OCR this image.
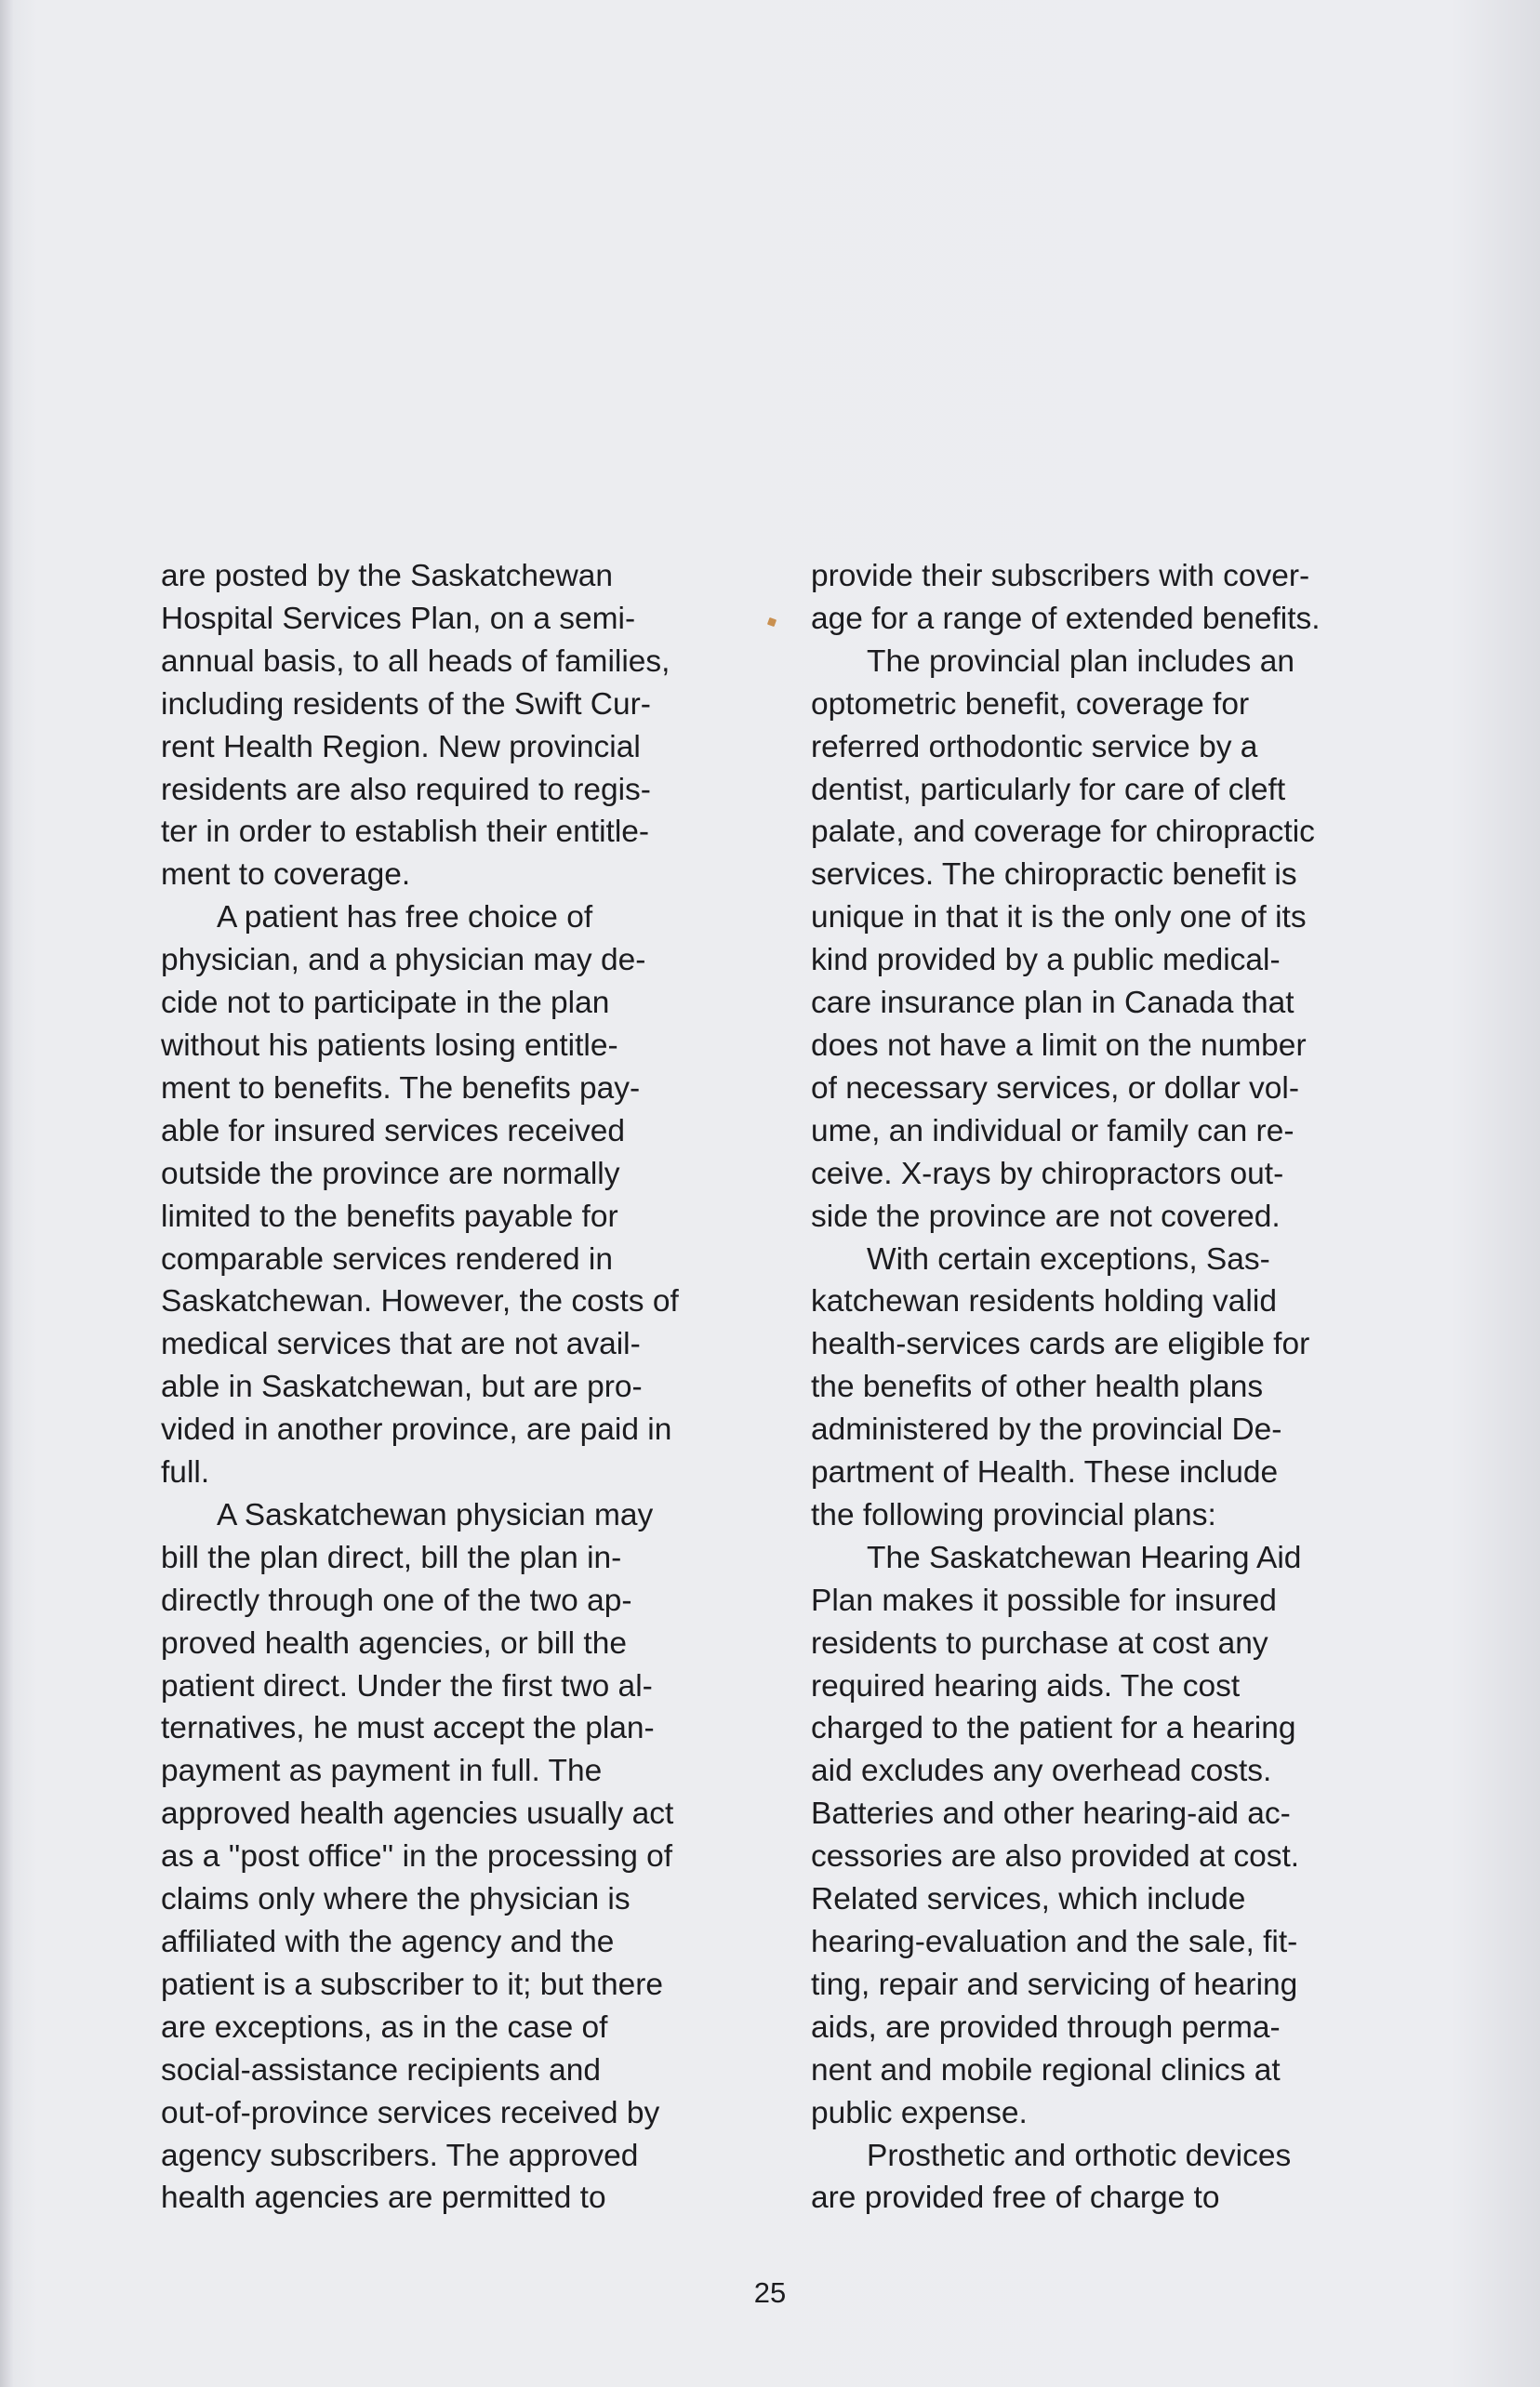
are posted by the Saskatchewan
Hospital Services Plan, on a semi-
annual basis, to all heads of families,
including residents of the Swift Cur-
rent Health Region. New provincial
residents are also required to regis-
ter in order to establish their entitle-
ment to coverage.

A patient has free choice of
physician, and a physician may de-
cide not to participate in the plan
without his patients losing entitle-
ment to benefits. The benefits pay-
able for insured services received
outside the province are normally
limited to the benefits payable for
comparable services rendered in
Saskatchewan. However, the costs of
medical services that are not avail-
able in Saskatchewan, but are pro-
vided in another province, are paid in
full.

A Saskatchewan physician may
bill the plan direct, bill the plan in-
directly through one of the two ap-
proved health agencies, or bill the
patient direct. Under the first two al-
ternatives, he must accept the plan-
payment as payment in full. The
approved health agencies usually act
as a ''post office'' in the processing of
claims only where the physician is
affiliated with the agency and the
patient is a subscriber to it; but there
are exceptions, as in the case of
social-assistance recipients and
out-of-province services received by
agency subscribers. The approved
health agencies are permitted to

provide their subscribers with cover-
age for a range of extended benefits.

The provincial plan includes an
optometric benefit, coverage for
referred orthodontic service by a
dentist, particularly for care of cleft
palate, and coverage for chiropractic
services. The chiropractic benefit is
unique in that it is the only one of its
kind provided by a public medical-
care insurance plan in Canada that
does not have a limit on the number
of necessary services, or dollar vol-
ume, an individual or family can re-
ceive. X-rays by chiropractors out-
side the province are not covered.

With certain exceptions, Sas-
katchewan residents holding valid
health-services cards are eligible for
the benefits of other health plans
administered by the provincial De-
partment of Health. These include
the following provincial plans:

The Saskatchewan Hearing Aid
Plan makes it possible for insured
residents to purchase at cost any
required hearing aids. The cost
charged to the patient for a hearing
aid excludes any overhead costs.
Batteries and other hearing-aid ac-
cessories are also provided at cost.
Related services, which include
hearing-evaluation and the sale, fit-
ting, repair and servicing of hearing
aids, are provided through perma-
nent and mobile regional clinics at
public expense.

Prosthetic and orthotic devices
are provided free of charge to

25
